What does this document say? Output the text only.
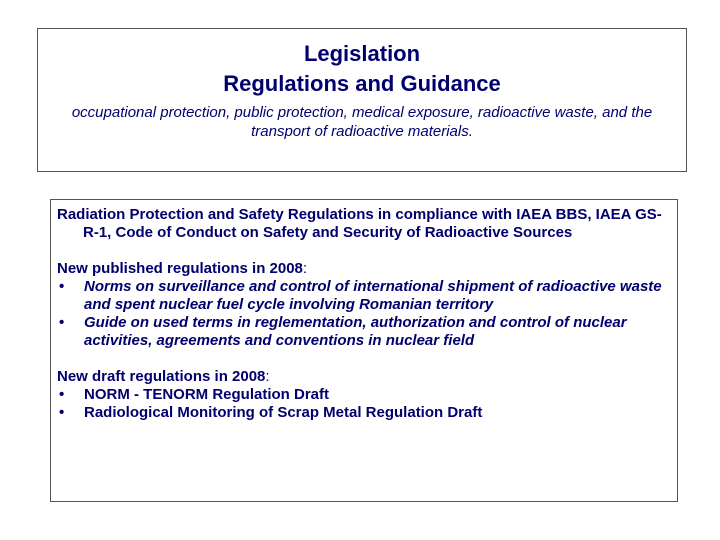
Legislation

Regulations and Guidance

occupational protection, public protection, medical exposure, radioactive waste, and the transport of radioactive materials.

Radiation Protection and Safety Regulations in compliance with IAEA BBS, IAEA GS-R-1, Code of Conduct on Safety and Security of Radioactive Sources

New published regulations in 2008:

• Norms on surveillance and control of international shipment of radioactive waste and spent nuclear fuel cycle involving Romanian territory
• Guide on used terms in reglementation, authorization and control of nuclear activities, agreements and conventions in nuclear field

New draft regulations in 2008:

• NORM - TENORM Regulation Draft
• Radiological Monitoring of Scrap Metal Regulation Draft
